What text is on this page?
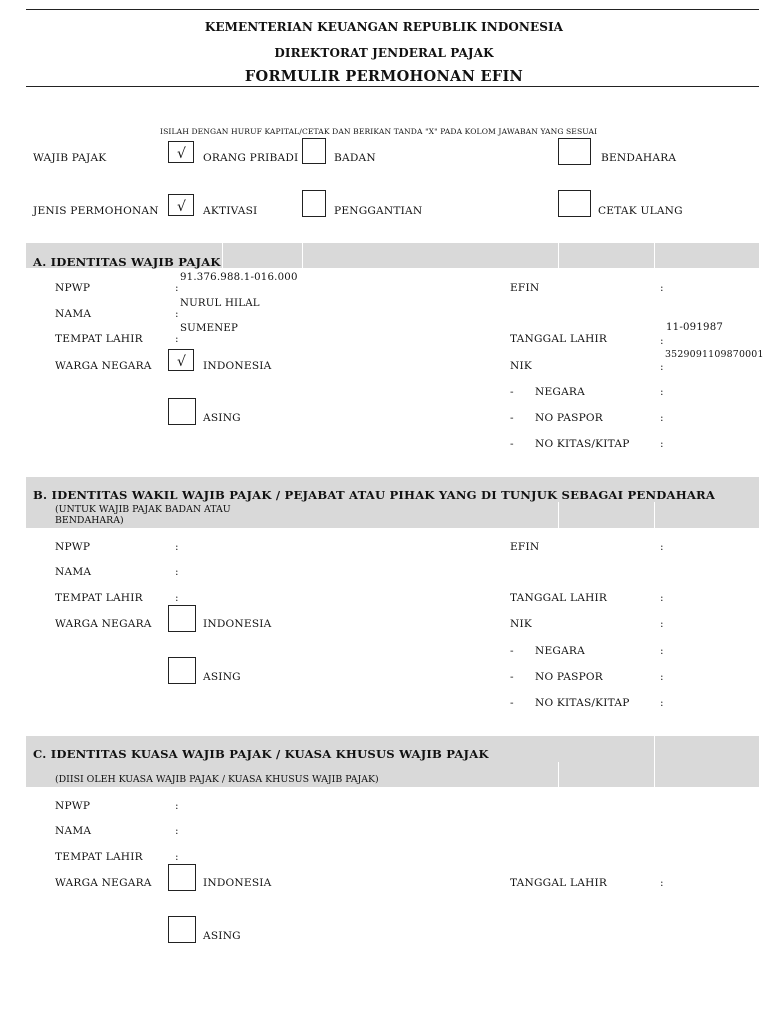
KEMENTERIAN KEUANGAN REPUBLIK INDONESIA
DIREKTORAT JENDERAL PAJAK
FORMULIR PERMOHONAN EFIN
ISILAH DENGAN HURUF KAPITAL/CETAK DAN BERIKAN TANDA "X" PADA KOLOM JAWABAN YANG SESUAI
WAJIB PAJAK	√ ORANG PRIBADI	BADAN	BENDAHARA
JENIS PERMOHONAN √ AKTIVASI	PENGGANTIAN	CETAK ULANG
A. IDENTITAS WAJIB PAJAK
NPWP	:
91.376.988.1-016.000
NAMA	:
NURUL HILAL
TEMPAT LAHIR	:
SUMENEP
WARGA NEGARA √ INDONESIA
ASING
EFIN	:
TANGGAL LAHIR	:
11-091987
NIK	:
3529091109870001
- NEGARA	:
- NO PASPOR	:
- NO KITAS/KITAP	:
B. IDENTITAS WAKIL WAJIB PAJAK / PEJABAT ATAU PIHAK YANG DI TUNJUK SEBAGAI PENDAHARA
(UNTUK WAJIB PAJAK BADAN ATAU
BENDAHARA)
NPWP	:
NAMA	:
TEMPAT LAHIR	:
WARGA NEGARA	INDONESIA
ASING
EFIN	:
TANGGAL LAHIR	:
NIK	:
- NEGARA	:
- NO PASPOR	:
- NO KITAS/KITAP	:
C. IDENTITAS KUASA WAJIB PAJAK / KUASA KHUSUS WAJIB PAJAK
(DIISI OLEH KUASA WAJIB PAJAK / KUASA KHUSUS WAJIB PAJAK)
NPWP	:
NAMA	:
TEMPAT LAHIR	:
WARGA NEGARA	INDONESIA
ASING
TANGGAL LAHIR	:
